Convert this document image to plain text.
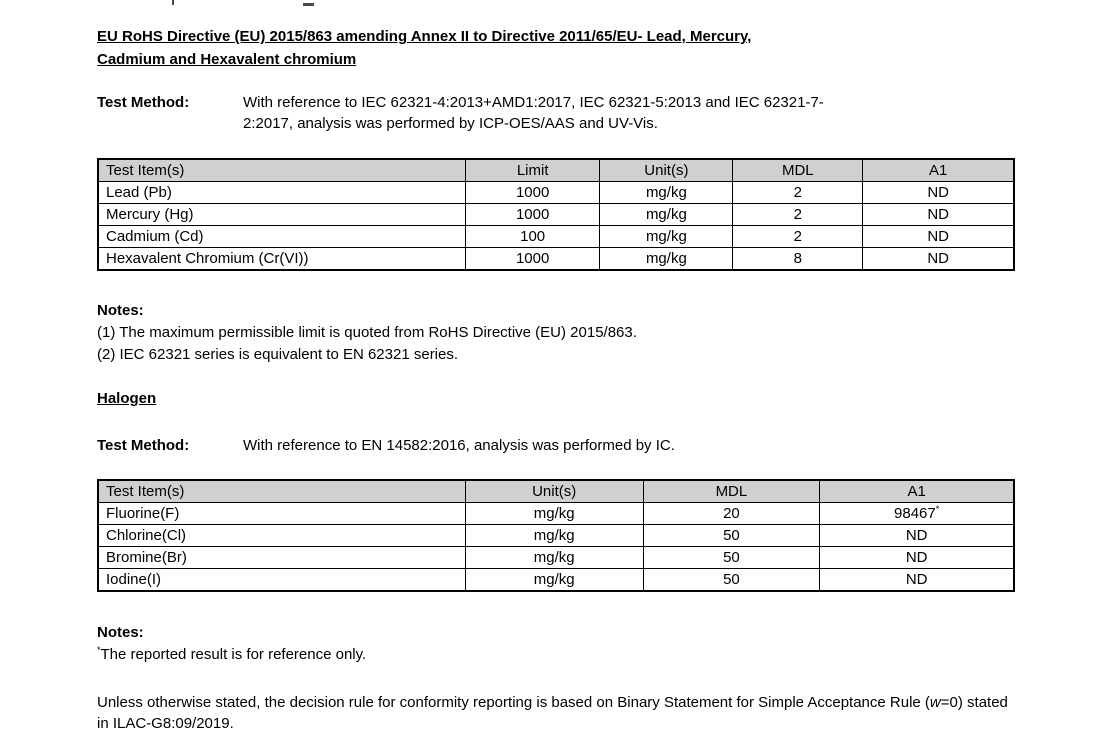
EU RoHS Directive (EU) 2015/863 amending Annex II to Directive 2011/65/EU- Lead, Mercury,
Cadmium and Hexavalent chromium
Test Method:	With reference to IEC 62321-4:2013+AMD1:2017, IEC 62321-5:2013 and IEC 62321-7-
2:2017, analysis was performed by ICP-OES/AAS and UV-Vis.
Test Item(s)	Limit	Unit(s)	MDL	A1
Lead (Pb)	1000	mg/kg	2	ND
Mercury (Hg)	1000	mg/kg	2	ND
Cadmium (Cd)	100	mg/kg	2	ND
Hexavalent Chromium (Cr(VI))	1000	mg/kg	8	ND
Notes:
(1) The maximum permissible limit is quoted from RoHS Directive (EU) 2015/863.
(2) IEC 62321 series is equivalent to EN 62321 series.
Halogen
Test Method:	With reference to EN 14582:2016, analysis was performed by IC.
Test Item(s)	Unit(s)	MDL	A1
Fluorine(F)	mg/kg	20	98467*
Chlorine(Cl)	mg/kg	50	ND
Bromine(Br)	mg/kg	50	ND
Iodine(I)	mg/kg	50	ND
Notes:
*The reported result is for reference only.
Unless otherwise stated, the decision rule for conformity reporting is based on Binary Statement for Simple Acceptance Rule (w=0) stated in ILAC-G8:09/2019.
